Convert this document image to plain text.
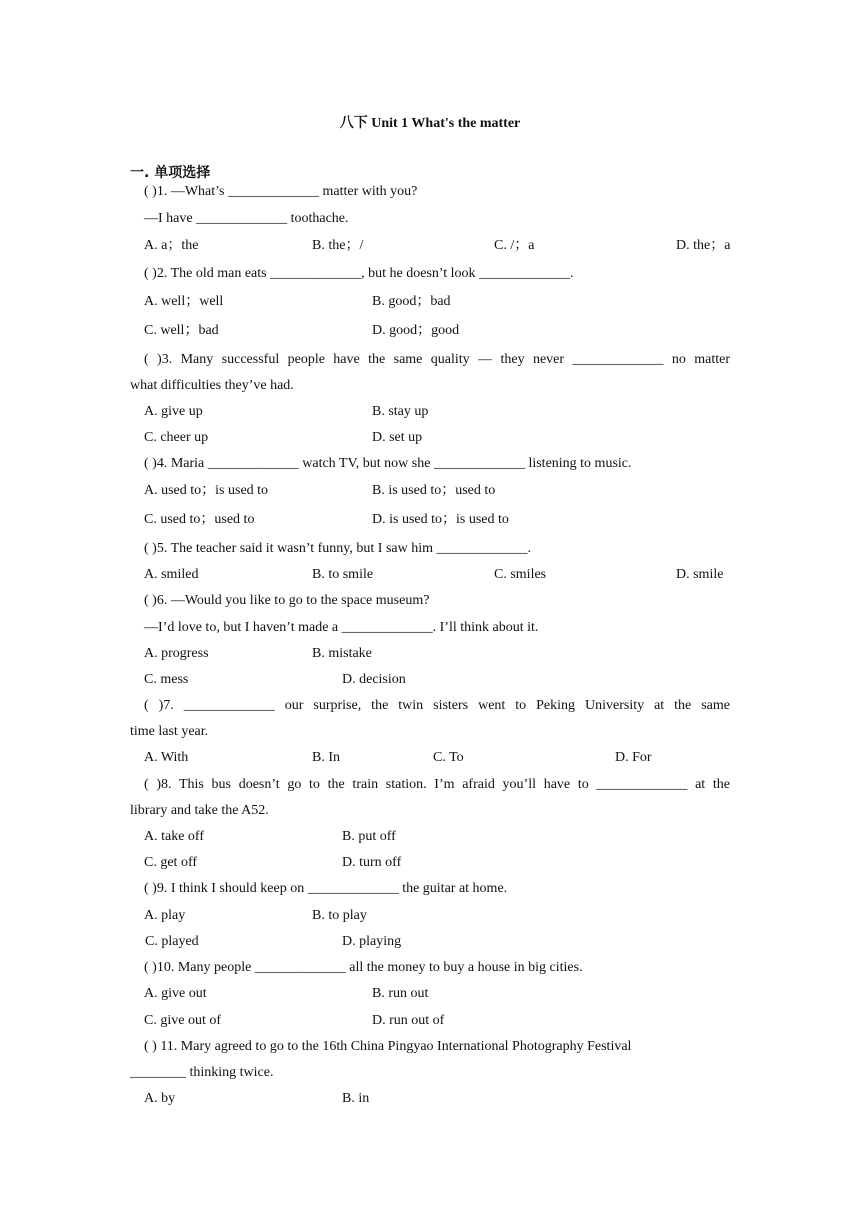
八下 Unit 1 What's the matter
一. 单项选择
( )1. —What’s _____________ matter with you?
—I have _____________ toothache.
A. a；the	B. the；/	C. /；a	D. the；a
( )2. The old man eats _____________, but he doesn’t look _____________.
A. well；well	B. good；bad
C. well；bad	D. good；good
( )3. Many successful people have the same quality — they never _____________ no matter
what difficulties they’ve had.
A. give up	B. stay up
C. cheer up	D. set up
( )4. Maria _____________ watch TV, but now she _____________ listening to music.
A. used to；is used to	B. is used to；used to
C. used to；used to	D. is used to；is used to
( )5. The teacher said it wasn’t funny, but I saw him _____________.
A. smiled	B. to smile	C. smiles	D. smile
( )6. —Would you like to go to the space museum?
—I’d love to, but I haven’t made a _____________. I’ll think about it.
A. progress	B. mistake
C. mess	D. decision
( )7. _____________ our surprise, the twin sisters went to Peking University at the same
time last year.
A. With	B. In	C. To	D. For
( )8. This bus doesn’t go to the train station. I’m afraid you’ll have to _____________ at the
library and take the A52.
A. take off	B. put off
C. get off	D. turn off
( )9. I think I should keep on _____________ the guitar at home.
A. play	B. to play
C. played	D. playing
( )10. Many people _____________ all the money to buy a house in big cities.
A. give out	B. run out
C. give out of	D. run out of
( ) 11. Mary agreed to go to the 16th China Pingyao International Photography Festival
________ thinking twice.
A. by	B. in
